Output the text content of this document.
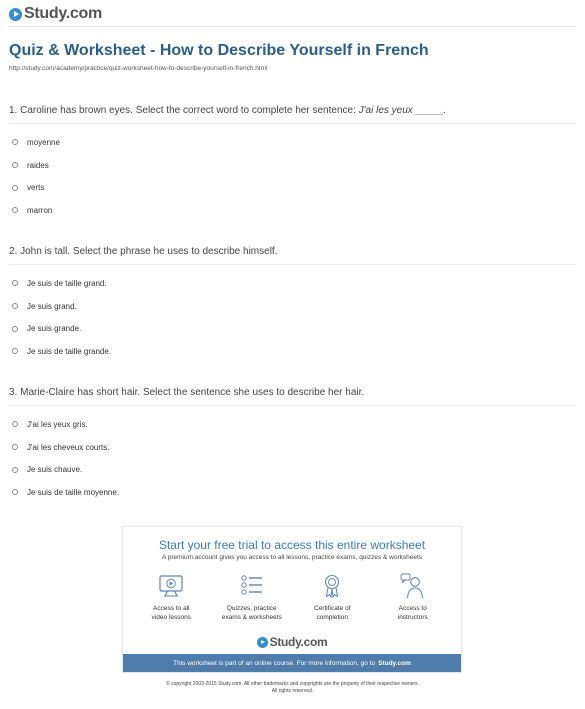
Study.com
Quiz & Worksheet - How to Describe Yourself in French
http://study.com/academy/practice/quiz-worksheet-how-to-describe-yourself-in-french.html
1. Caroline has brown eyes. Select the correct word to complete her sentence: J'ai les yeux _____.
moyenne
raides
verts
marron
2. John is tall. Select the phrase he uses to describe himself.
Je suis de taille grand.
Je suis grand.
Je suis grande.
Je suis de taille grande.
3. Marie-Claire has short hair. Select the sentence she uses to describe her hair.
J'ai les yeux gris.
J'ai les cheveux courts.
Je suis chauve.
Je suis de taille moyenne.
Start your free trial to access this entire worksheet
A premium account gives you access to all lessons, practice exams, quizzes & worksheets
Access to all
video lessons
Quizzes, practice
exams & worksheets
Certificate of
completion
Access to
instructors
Study.com
This worksheet is part of an online course. For more information, go to Study.com
© copyright 2003-2015 Study.com. All other trademarks and copyrights are the property of their respective owners.
All rights reserved.
